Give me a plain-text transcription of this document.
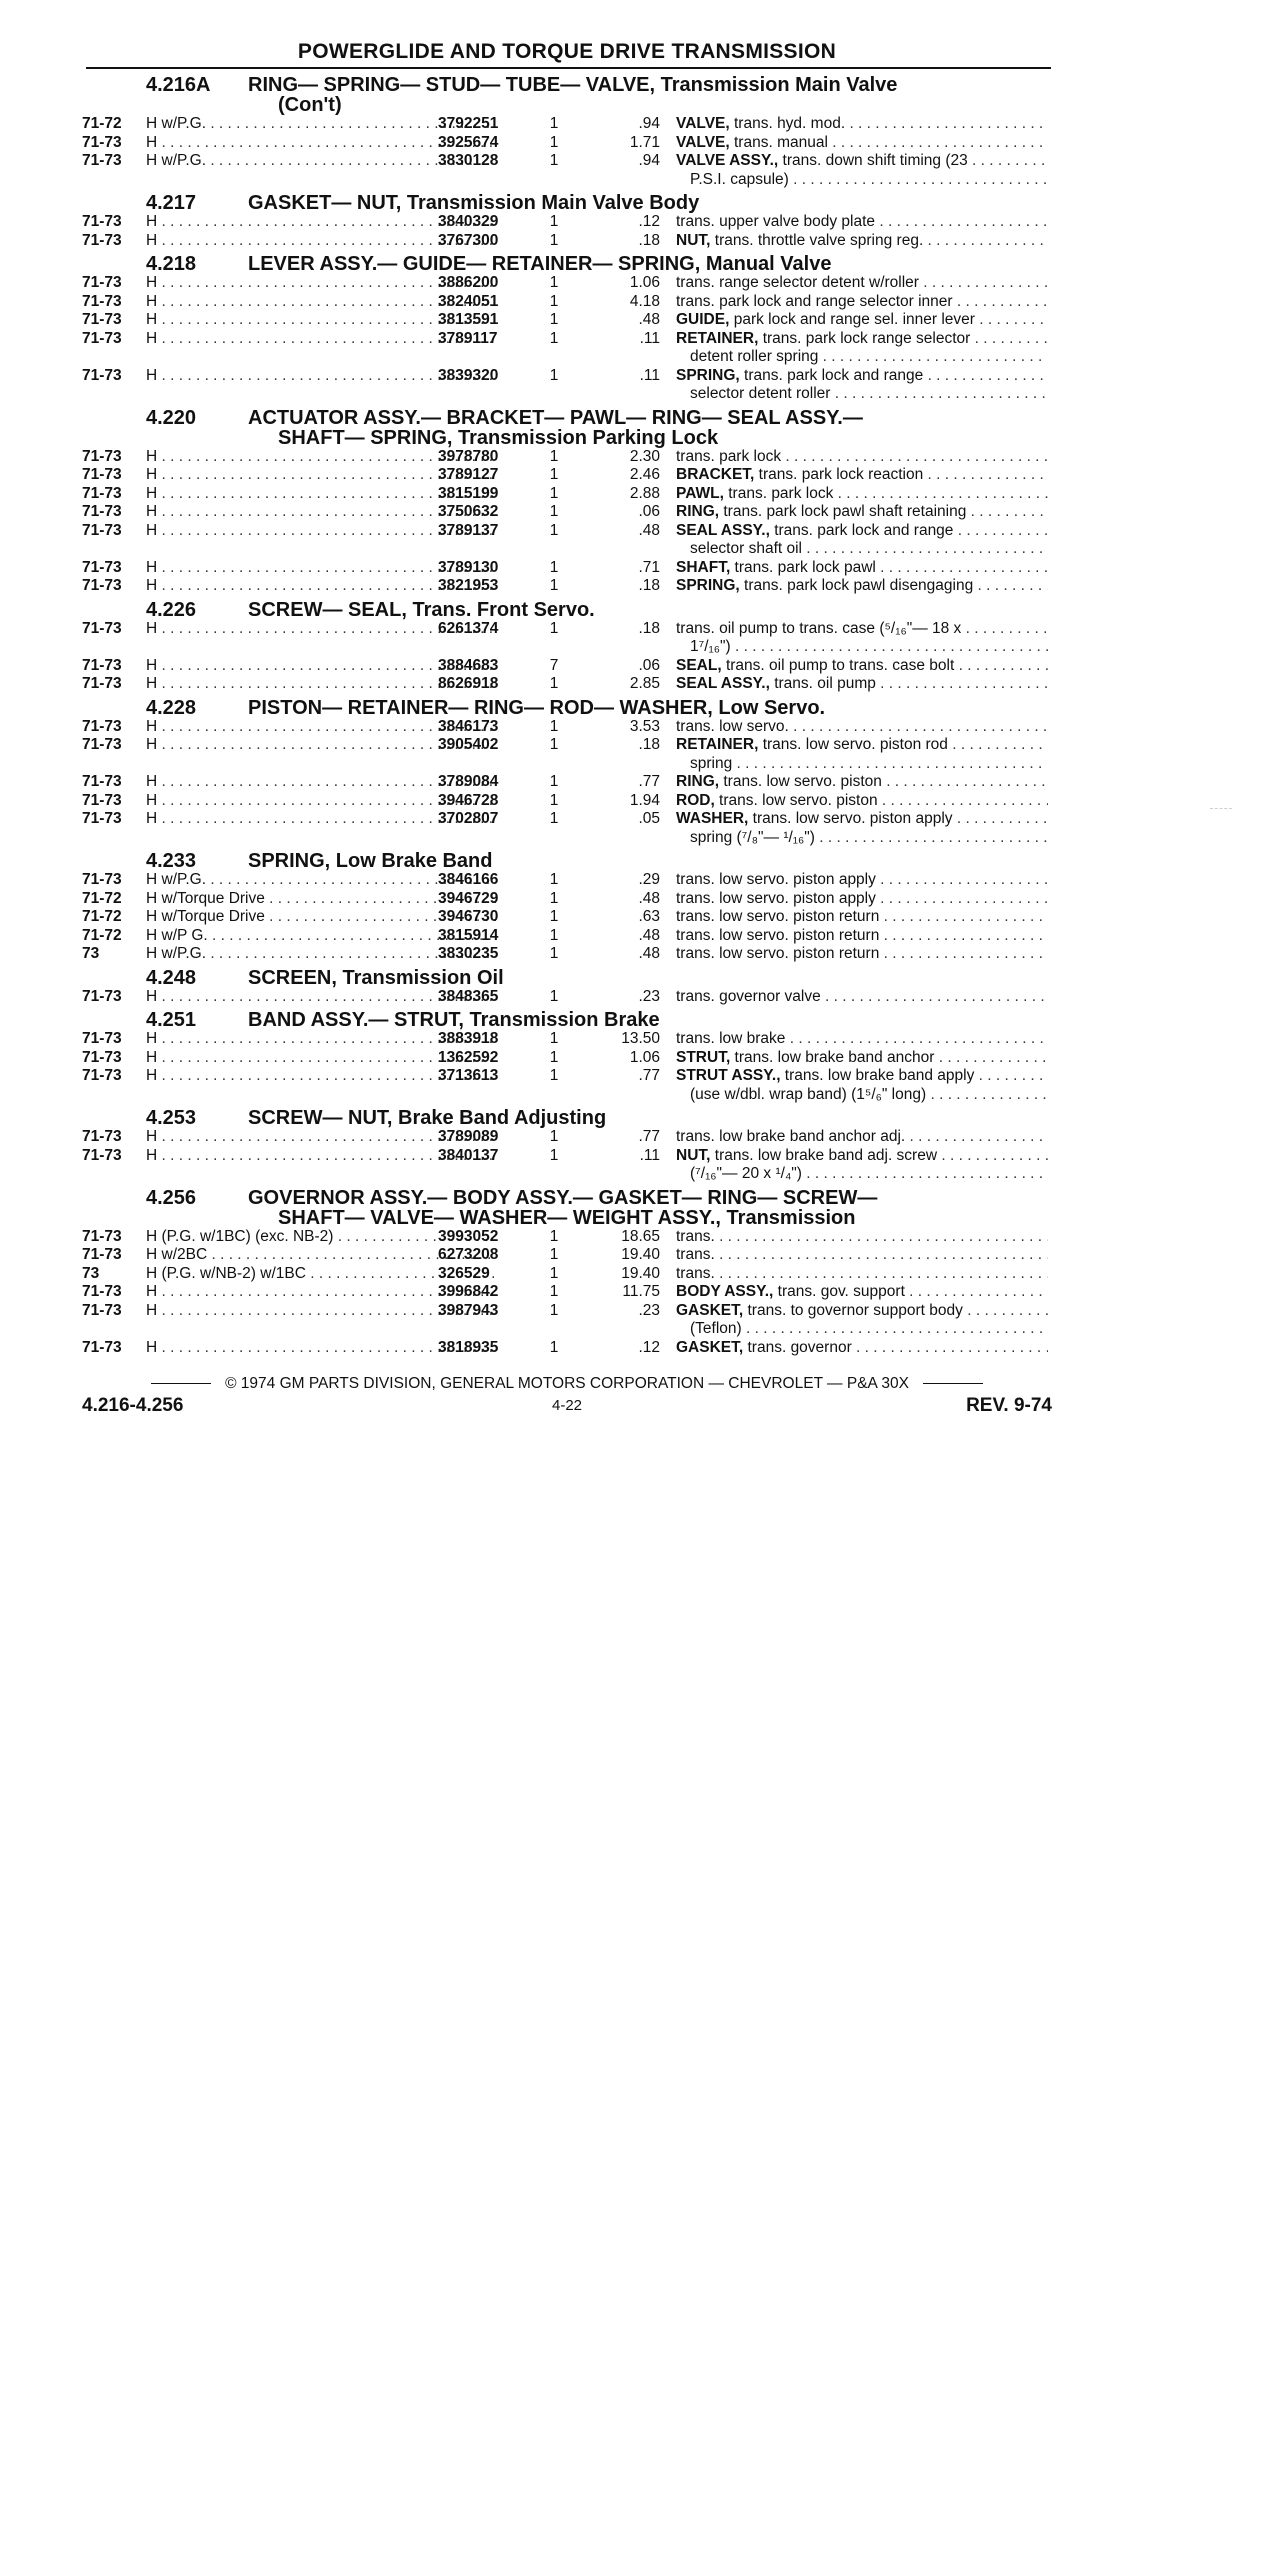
POWERGLIDE AND TORQUE DRIVE TRANSMISSION
4.216A	RING— SPRING— STUD— TUBE— VALVE, Transmission Main Valve
(Con't)
71-72	H w/P.G. . . .	3792251	1	.94 VALVE, trans. hyd. mod. . . .
71-73	H . . .	3925674	1	1.71 VALVE, trans. manual . . .
71-73	H w/P.G. . . .	3830128	1	.94 VALVE ASSY., trans. down shift timing (23 . . .
P.S.I. capsule) . . .
4.217	GASKET— NUT, Transmission Main Valve Body
71-73	H . . .	3840329	1	.12 trans. upper valve body plate . . .
71-73	H . . .	3767300	1	.18 NUT, trans. throttle valve spring reg. . . .
4.218	LEVER ASSY.— GUIDE— RETAINER— SPRING, Manual Valve
71-73	H . . .	3886200	1	1.06 trans. range selector detent w/roller . . .
71-73	H . . .	3824051	1	4.18 trans. park lock and range selector inner . . .
71-73	H . . .	3813591	1	.48 GUIDE, park lock and range sel. inner lever . . .
71-73	H . . .	3789117	1	.11 RETAINER, trans. park lock range selector . . .
detent roller spring . . .
71-73	H . . .	3839320	1	.11 SPRING, trans. park lock and range . . .
selector detent roller . . .
4.220	ACTUATOR ASSY.— BRACKET— PAWL— RING— SEAL ASSY.—
SHAFT— SPRING, Transmission Parking Lock
71-73	H . . .	3978780	1	2.30 trans. park lock . . .
71-73	H . . .	3789127	1	2.46 BRACKET, trans. park lock reaction . . .
71-73	H . . .	3815199	1	2.88 PAWL, trans. park lock . . .
71-73	H . . .	3750632	1	.06 RING, trans. park lock pawl shaft retaining . . .
71-73	H . . .	3789137	1	.48 SEAL ASSY., trans. park lock and range . . .
selector shaft oil . . .
71-73	H . . .	3789130	1	.71 SHAFT, trans. park lock pawl . . .
71-73	H . . .	3821953	1	.18 SPRING, trans. park lock pawl disengaging . . .
4.226	SCREW— SEAL, Trans. Front Servo.
71-73	H . . .	6261374	1	.18 trans. oil pump to trans. case (⁵/₁₆"— 18 x . . .
1⁷/₁₆") . . .
71-73	H . . .	3884683	7	.06 SEAL, trans. oil pump to trans. case bolt . . .
71-73	H . . .	8626918	1	2.85 SEAL ASSY., trans. oil pump . . .
4.228	PISTON— RETAINER— RING— ROD— WASHER, Low Servo.
71-73	H . . .	3846173	1	3.53 trans. low servo. . . .
71-73	H . . .	3905402	1	.18 RETAINER, trans. low servo. piston rod . . .
spring . . .
71-73	H . . .	3789084	1	.77 RING, trans. low servo. piston . . .
71-73	H . . .	3946728	1	1.94 ROD, trans. low servo. piston . . .
71-73	H . . .	3702807	1	.05 WASHER, trans. low servo. piston apply . . .
spring (⁷/₈"— ¹/₁₆") . . .
4.233	SPRING, Low Brake Band
71-73	H w/P.G. . . .	3846166	1	.29 trans. low servo. piston apply . . .
71-72	H w/Torque Drive . . .	3946729	1	.48 trans. low servo. piston apply . . .
71-72	H w/Torque Drive . . .	3946730	1	.63 trans. low servo. piston return . . .
71-72	H w/P G. . . .	3815914	1	.48 trans. low servo. piston return . . .
73	H w/P.G. . . .	3830235	1	.48 trans. low servo. piston return . . .
4.248	SCREEN, Transmission Oil
71-73	H . . .	3848365	1	.23 trans. governor valve . . .
4.251	BAND ASSY.— STRUT, Transmission Brake
71-73	H . . .	3883918	1	13.50 trans. low brake . . .
71-73	H . . .	1362592	1	1.06 STRUT, trans. low brake band anchor . . .
71-73	H . . .	3713613	1	.77 STRUT ASSY., trans. low brake band apply . . .
(use w/dbl. wrap band) (1⁵/₆" long) . . .
4.253	SCREW— NUT, Brake Band Adjusting
71-73	H . . .	3789089	1	.77 trans. low brake band anchor adj. . . .
71-73	H . . .	3840137	1	.11 NUT, trans. low brake band adj. screw . . .
(⁷/₁₆"— 20 x ¹/₄") . . .
4.256	GOVERNOR ASSY.— BODY ASSY.— GASKET— RING— SCREW—
SHAFT— VALVE— WASHER— WEIGHT ASSY., Transmission
71-73	H (P.G. w/1BC) (exc. NB-2) . . .	3993052	1	18.65 trans. . . .
71-73	H w/2BC . . .	6273208	1	19.40 trans. . . .
73	H (P.G. w/NB-2) w/1BC . . .	326529	1	19.40 trans. . . .
71-73	H . . .	3996842	1	11.75 BODY ASSY., trans. gov. support . . .
71-73	H . . .	3987943	1	.23 GASKET, trans. to governor support body . . .
(Teflon) . . .
71-73	H . . .	3818935	1	.12 GASKET, trans. governor . . .
© 1974 GM PARTS DIVISION, GENERAL MOTORS CORPORATION — CHEVROLET — P&A 30X
4.216-4.256	4-22	REV. 9-74
